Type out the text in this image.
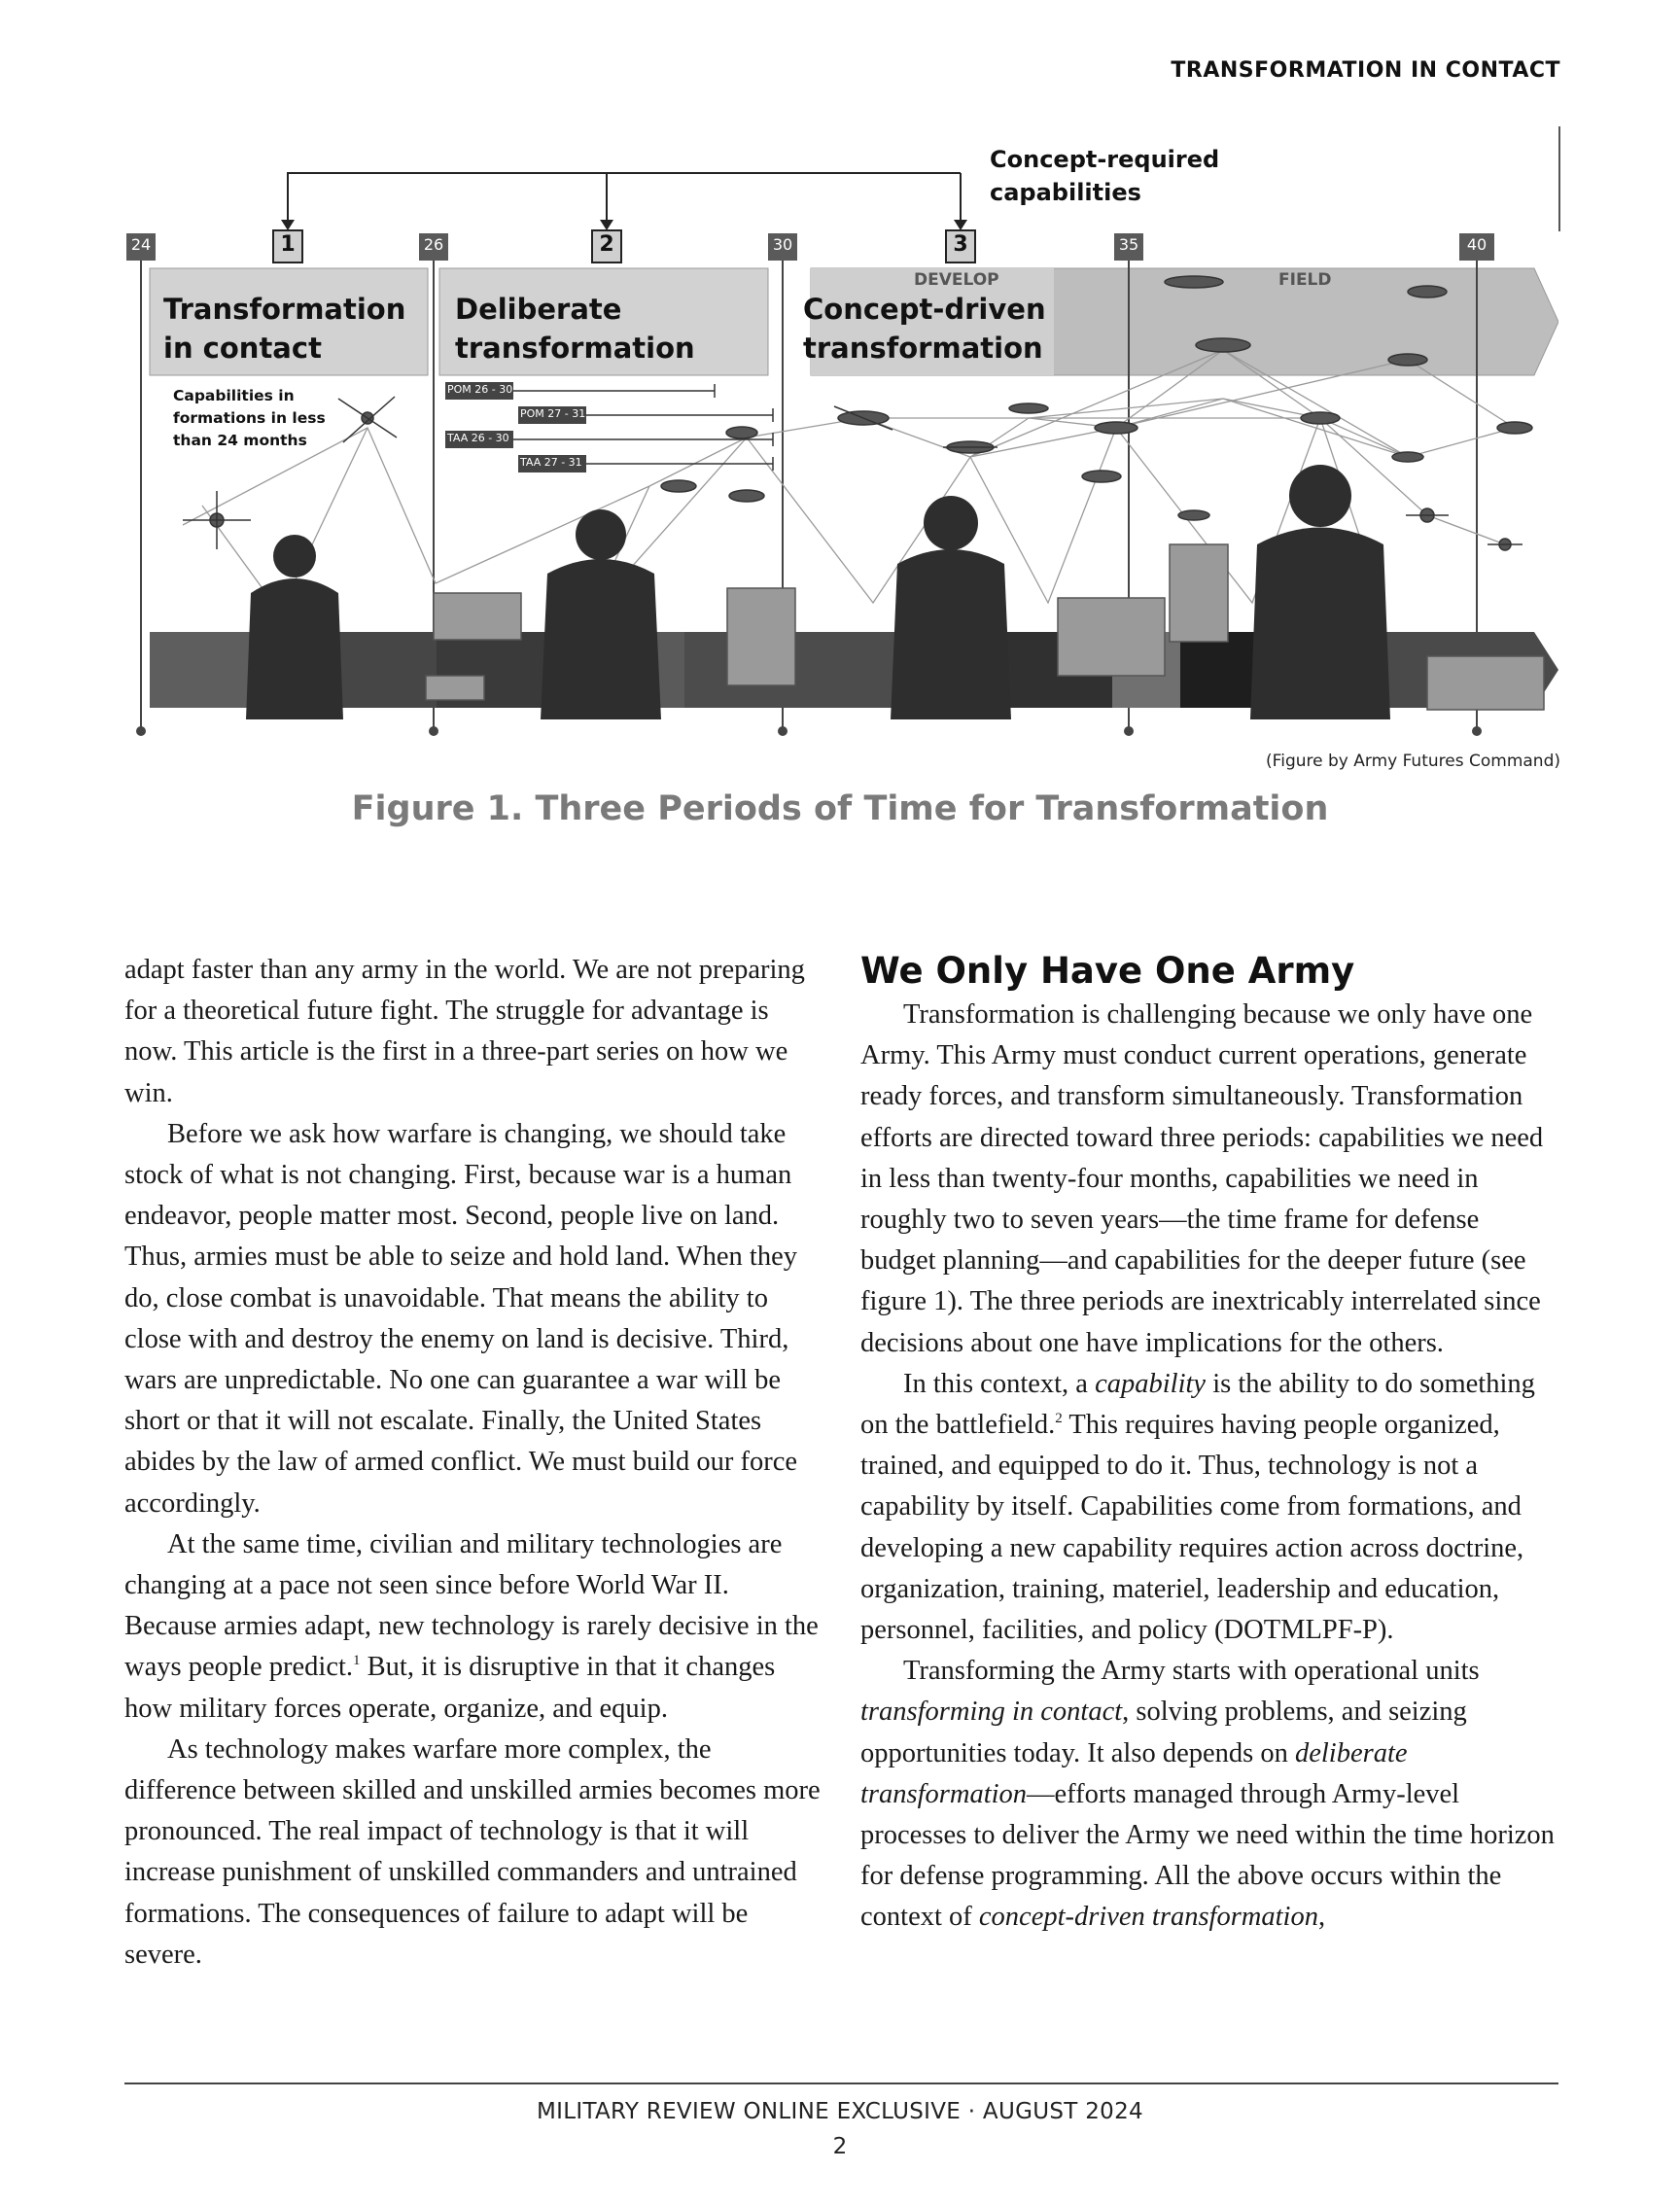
TRANSFORMATION IN CONTACT
Concept-required
capabilities
24	26	30	35	40
1	2	3
DEVELOP	FIELD
Transformation
in contact
Deliberate
transformation
Concept-driven
transformation
Capabilities in
formations in less
than 24 months
POM 26 - 30
POM 27 - 31
TAA 26 - 30
TAA 27 - 31
(Figure by Army Futures Command)
Figure 1. Three Periods of Time for Transformation

adapt faster than any army in the world. We are not preparing for a theoretical future fight. The struggle for advantage is now. This article is the first in a three-part series on how we win.

Before we ask how warfare is changing, we should take stock of what is not changing. First, because war is a human endeavor, people matter most. Second, people live on land. Thus, armies must be able to seize and hold land. When they do, close combat is unavoidable. That means the ability to close with and destroy the enemy on land is decisive. Third, wars are unpredictable. No one can guarantee a war will be short or that it will not escalate. Finally, the United States abides by the law of armed conflict. We must build our force accordingly.

At the same time, civilian and military technologies are changing at a pace not seen since before World War II. Because armies adapt, new technology is rarely decisive in the ways people predict.$^1$ But, it is disruptive in that it changes how military forces operate, organize, and equip.

As technology makes warfare more complex, the difference between skilled and unskilled armies becomes more pronounced. The real impact of technology is that it will increase punishment of unskilled commanders and untrained formations. The consequences of failure to adapt will be severe.

We Only Have One Army

Transformation is challenging because we only have one Army. This Army must conduct current operations, generate ready forces, and transform simultaneously. Transformation efforts are directed toward three periods: capabilities we need in less than twenty-four months, capabilities we need in roughly two to seven years—the time frame for defense budget planning—and capabilities for the deeper future (see figure 1). The three periods are inextricably interrelated since decisions about one have implications for the others.

In this context, a capability is the ability to do something on the battlefield.$^2$ This requires having people organized, trained, and equipped to do it. Thus, technology is not a capability by itself. Capabilities come from formations, and developing a new capability requires action across doctrine, organization, training, materiel, leadership and education, personnel, facilities, and policy (DOTMLPF-P).

Transforming the Army starts with operational units transforming in contact, solving problems, and seizing opportunities today. It also depends on deliberate transformation—efforts managed through Army-level processes to deliver the Army we need within the time horizon for defense programming. All the above occurs within the context of concept-driven transformation,

MILITARY REVIEW ONLINE EXCLUSIVE · AUGUST 2024
2
